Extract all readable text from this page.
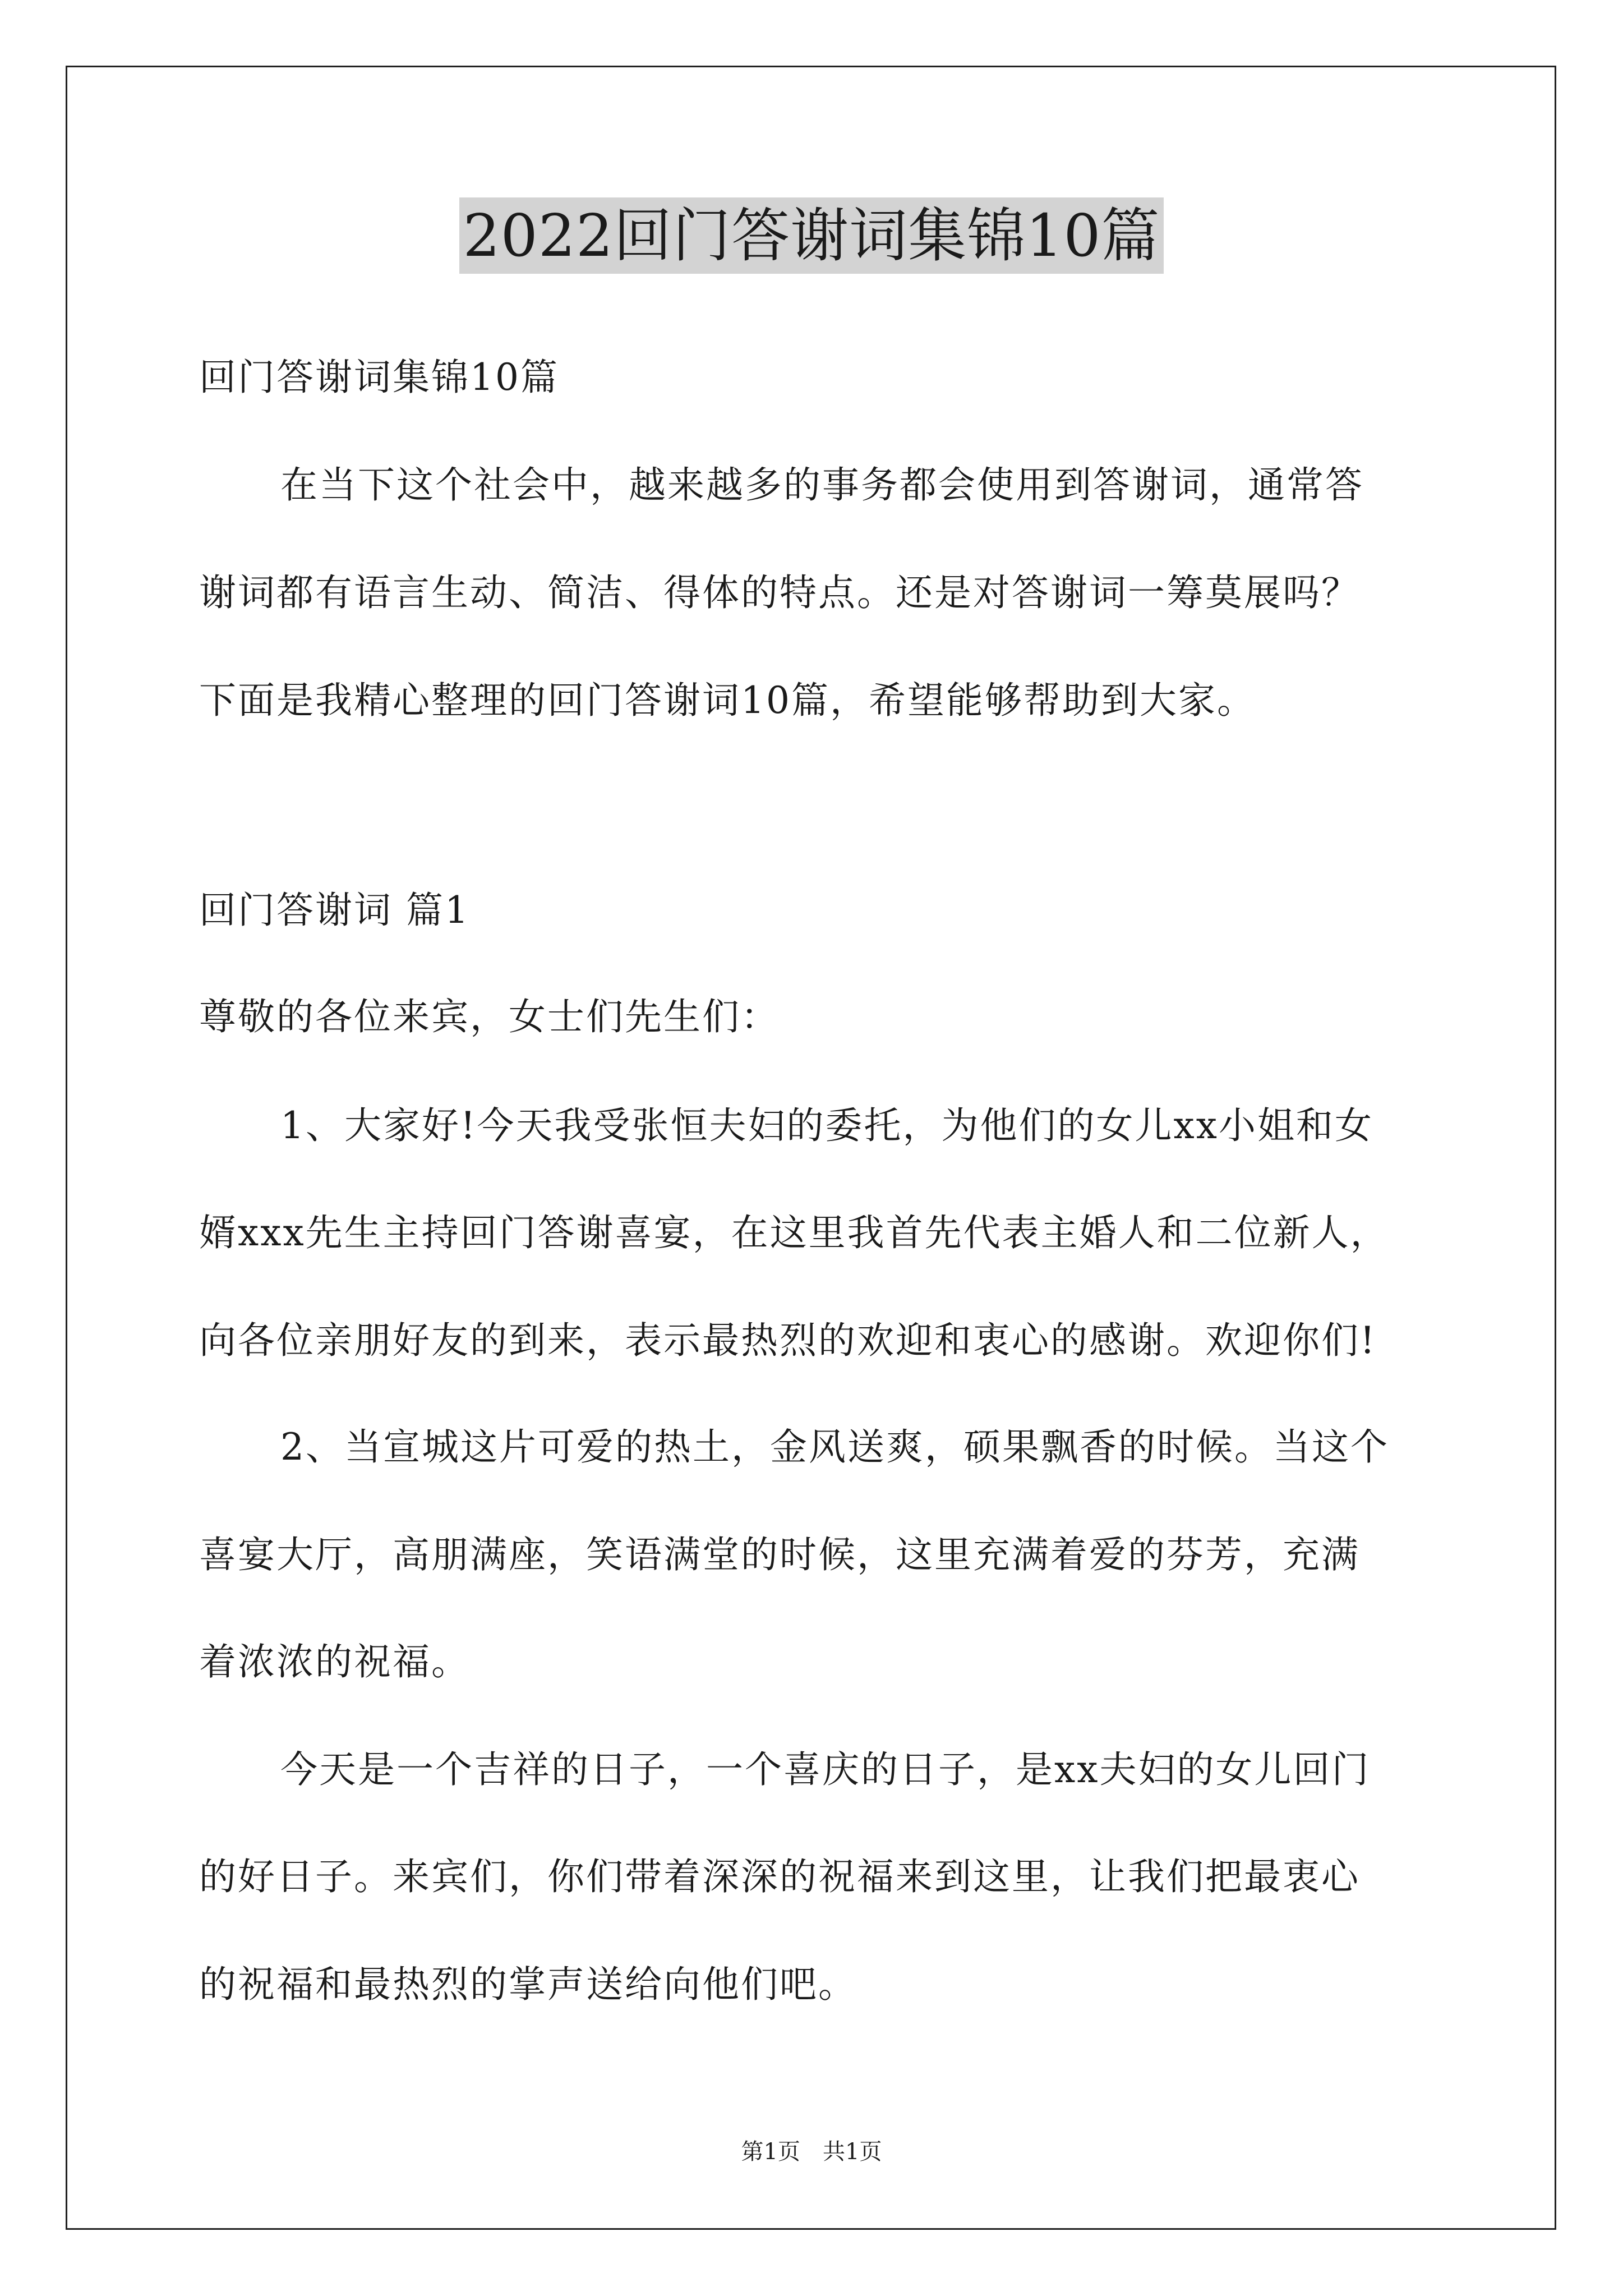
2022回门答谢词集锦10篇
回门答谢词集锦10篇
在当下这个社会中，越来越多的事务都会使用到答谢词，通常答
谢词都有语言生动、简洁、得体的特点。还是对答谢词一筹莫展吗？
下面是我精心整理的回门答谢词10篇，希望能够帮助到大家。
回门答谢词 篇1
尊敬的各位来宾，女士们先生们：
1、大家好!今天我受张恒夫妇的委托，为他们的女儿xx小姐和女
婿xxx先生主持回门答谢喜宴，在这里我首先代表主婚人和二位新人，
向各位亲朋好友的到来，表示最热烈的欢迎和衷心的感谢。欢迎你们!
2、当宣城这片可爱的热土，金风送爽，硕果飘香的时候。当这个
喜宴大厅，高朋满座，笑语满堂的时候，这里充满着爱的芬芳，充满
着浓浓的祝福。
今天是一个吉祥的日子，一个喜庆的日子，是xx夫妇的女儿回门
的好日子。来宾们，你们带着深深的祝福来到这里，让我们把最衷心
的祝福和最热烈的掌声送给向他们吧。
第1页　共1页
